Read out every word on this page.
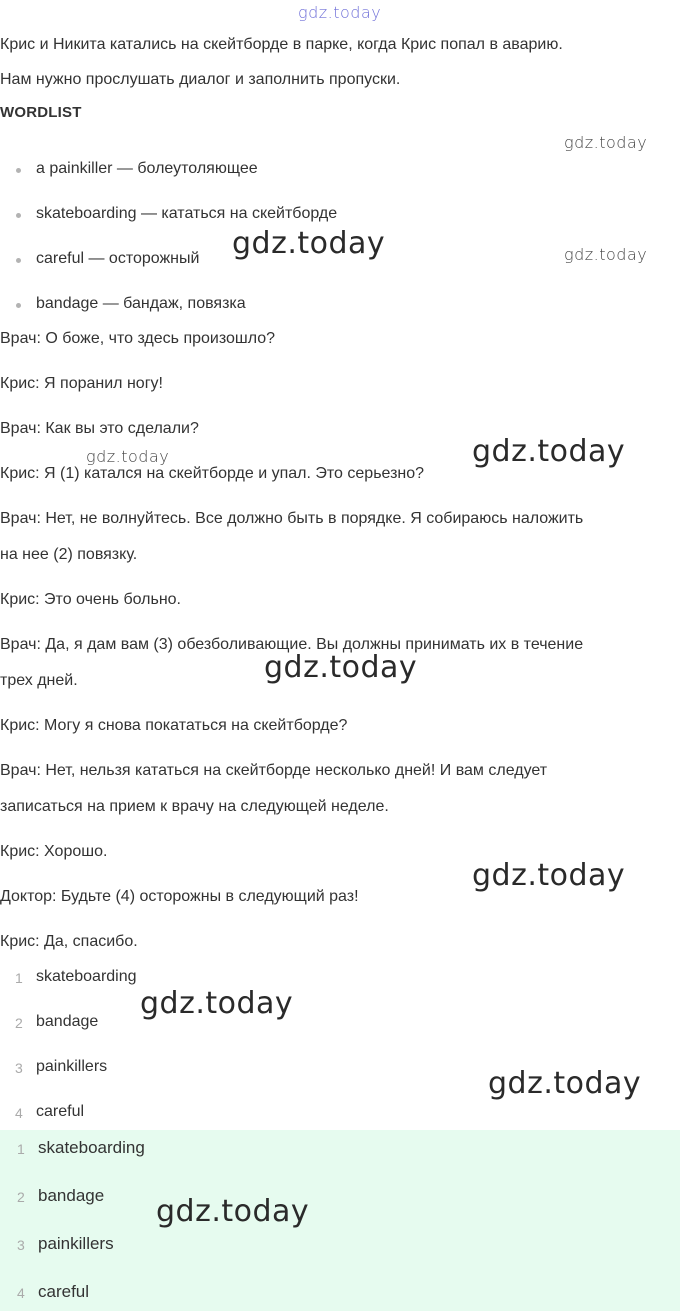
gdz.today
Крис и Никита катались на скейтборде в парке, когда Крис попал в аварию.
Нам нужно прослушать диалог и заполнить пропуски.
WORDLIST
a painkiller — болеутоляющее
skateboarding — кататься на скейтборде
careful — осторожный
bandage — бандаж, повязка
Врач: О боже, что здесь произошло?
Крис: Я поранил ногу!
Врач: Как вы это сделали?
Крис: Я (1) катался на скейтборде и упал. Это серьезно?
Врач: Нет, не волнуйтесь. Все должно быть в порядке. Я собираюсь наложить
на нее (2) повязку.
Крис: Это очень больно.
Врач: Да, я дам вам (3) обезболивающие. Вы должны принимать их в течение
трех дней.
Крис: Могу я снова покататься на скейтборде?
Врач: Нет, нельзя кататься на скейтборде несколько дней! И вам следует
записаться на прием к врачу на следующей неделе.
Крис: Хорошо.
Доктор: Будьте (4) осторожны в следующий раз!
Крис: Да, спасибо.
1 skateboarding
2 bandage
3 painkillers
4 careful
1 skateboarding
2 bandage
3 painkillers
4 careful
gdz.today
gdz.today
gdz.today
gdz.today	gdz.today
gdz.today
gdz.today
gdz.today
gdz.today
gdz.today
